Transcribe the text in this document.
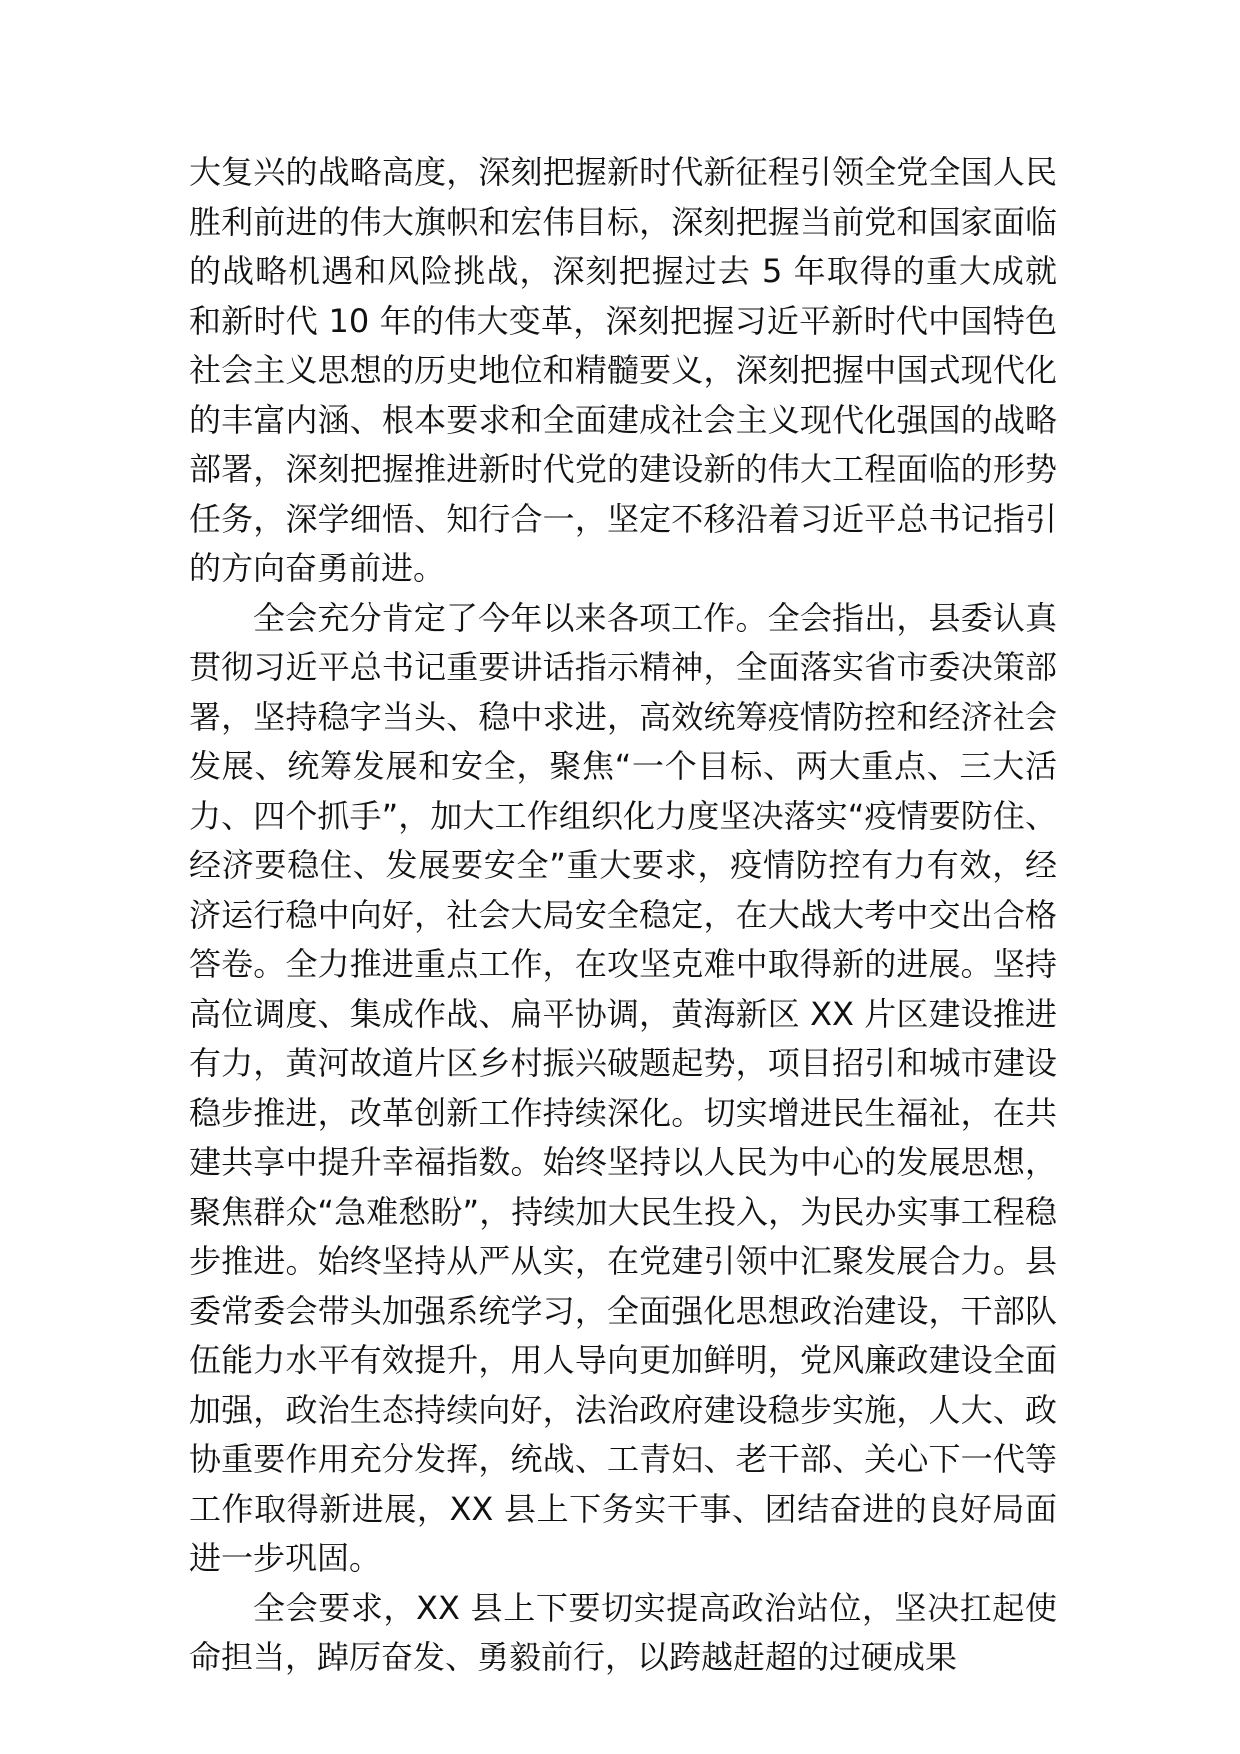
大复兴的战略高度，深刻把握新时代新征程引领全党全国人民胜利前进的伟大旗帜和宏伟目标，深刻把握当前党和国家面临的战略机遇和风险挑战，深刻把握过去 5 年取得的重大成就和新时代 10 年的伟大变革，深刻把握习近平新时代中国特色社会主义思想的历史地位和精髓要义，深刻把握中国式现代化的丰富内涵、根本要求和全面建成社会主义现代化强国的战略部署，深刻把握推进新时代党的建设新的伟大工程面临的形势任务，深学细悟、知行合一，坚定不移沿着习近平总书记指引的方向奋勇前进。

全会充分肯定了今年以来各项工作。全会指出，县委认真贯彻习近平总书记重要讲话指示精神，全面落实省市委决策部署，坚持稳字当头、稳中求进，高效统筹疫情防控和经济社会发展、统筹发展和安全，聚焦“一个目标、两大重点、三大活力、四个抓手”，加大工作组织化力度坚决落实“疫情要防住、经济要稳住、发展要安全”重大要求，疫情防控有力有效，经济运行稳中向好，社会大局安全稳定，在大战大考中交出合格答卷。全力推进重点工作，在攻坚克难中取得新的进展。坚持高位调度、集成作战、扁平协调，黄海新区 XX 片区建设推进有力，黄河故道片区乡村振兴破题起势，项目招引和城市建设稳步推进，改革创新工作持续深化。切实增进民生福祉，在共建共享中提升幸福指数。始终坚持以人民为中心的发展思想，聚焦群众“急难愁盼”，持续加大民生投入，为民办实事工程稳步推进。始终坚持从严从实，在党建引领中汇聚发展合力。县委常委会带头加强系统学习，全面强化思想政治建设，干部队伍能力水平有效提升，用人导向更加鲜明，党风廉政建设全面加强，政治生态持续向好，法治政府建设稳步实施，人大、政协重要作用充分发挥，统战、工青妇、老干部、关心下一代等工作取得新进展，XX 县上下务实干事、团结奋进的良好局面进一步巩固。

全会要求，XX 县上下要切实提高政治站位，坚决扛起使命担当，踔厉奋发、勇毅前行，以跨越赶超的过硬成果
